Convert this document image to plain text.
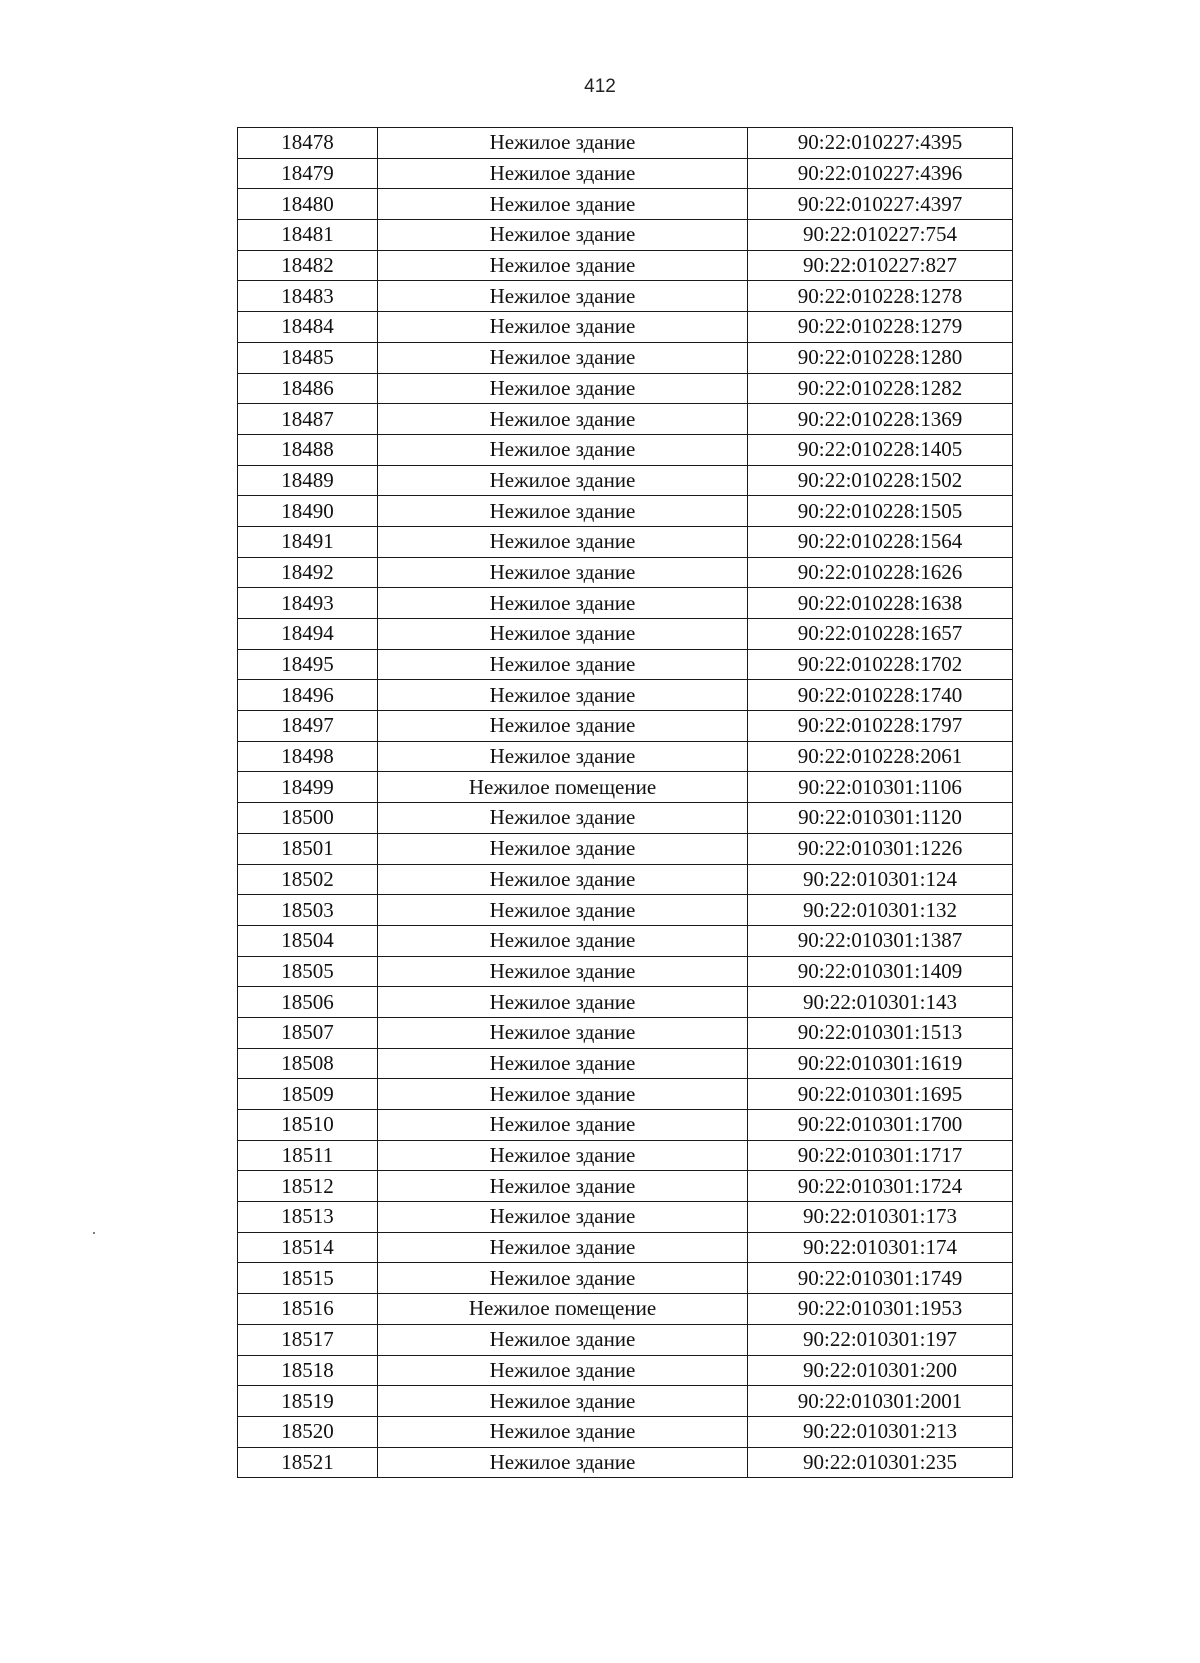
412
18478	Нежилое здание	90:22:010227:4395
18479	Нежилое здание	90:22:010227:4396
18480	Нежилое здание	90:22:010227:4397
18481	Нежилое здание	90:22:010227:754
18482	Нежилое здание	90:22:010227:827
18483	Нежилое здание	90:22:010228:1278
18484	Нежилое здание	90:22:010228:1279
18485	Нежилое здание	90:22:010228:1280
18486	Нежилое здание	90:22:010228:1282
18487	Нежилое здание	90:22:010228:1369
18488	Нежилое здание	90:22:010228:1405
18489	Нежилое здание	90:22:010228:1502
18490	Нежилое здание	90:22:010228:1505
18491	Нежилое здание	90:22:010228:1564
18492	Нежилое здание	90:22:010228:1626
18493	Нежилое здание	90:22:010228:1638
18494	Нежилое здание	90:22:010228:1657
18495	Нежилое здание	90:22:010228:1702
18496	Нежилое здание	90:22:010228:1740
18497	Нежилое здание	90:22:010228:1797
18498	Нежилое здание	90:22:010228:2061
18499	Нежилое помещение	90:22:010301:1106
18500	Нежилое здание	90:22:010301:1120
18501	Нежилое здание	90:22:010301:1226
18502	Нежилое здание	90:22:010301:124
18503	Нежилое здание	90:22:010301:132
18504	Нежилое здание	90:22:010301:1387
18505	Нежилое здание	90:22:010301:1409
18506	Нежилое здание	90:22:010301:143
18507	Нежилое здание	90:22:010301:1513
18508	Нежилое здание	90:22:010301:1619
18509	Нежилое здание	90:22:010301:1695
18510	Нежилое здание	90:22:010301:1700
18511	Нежилое здание	90:22:010301:1717
18512	Нежилое здание	90:22:010301:1724
18513	Нежилое здание	90:22:010301:173
18514	Нежилое здание	90:22:010301:174
18515	Нежилое здание	90:22:010301:1749
18516	Нежилое помещение	90:22:010301:1953
18517	Нежилое здание	90:22:010301:197
18518	Нежилое здание	90:22:010301:200
18519	Нежилое здание	90:22:010301:2001
18520	Нежилое здание	90:22:010301:213
18521	Нежилое здание	90:22:010301:235
